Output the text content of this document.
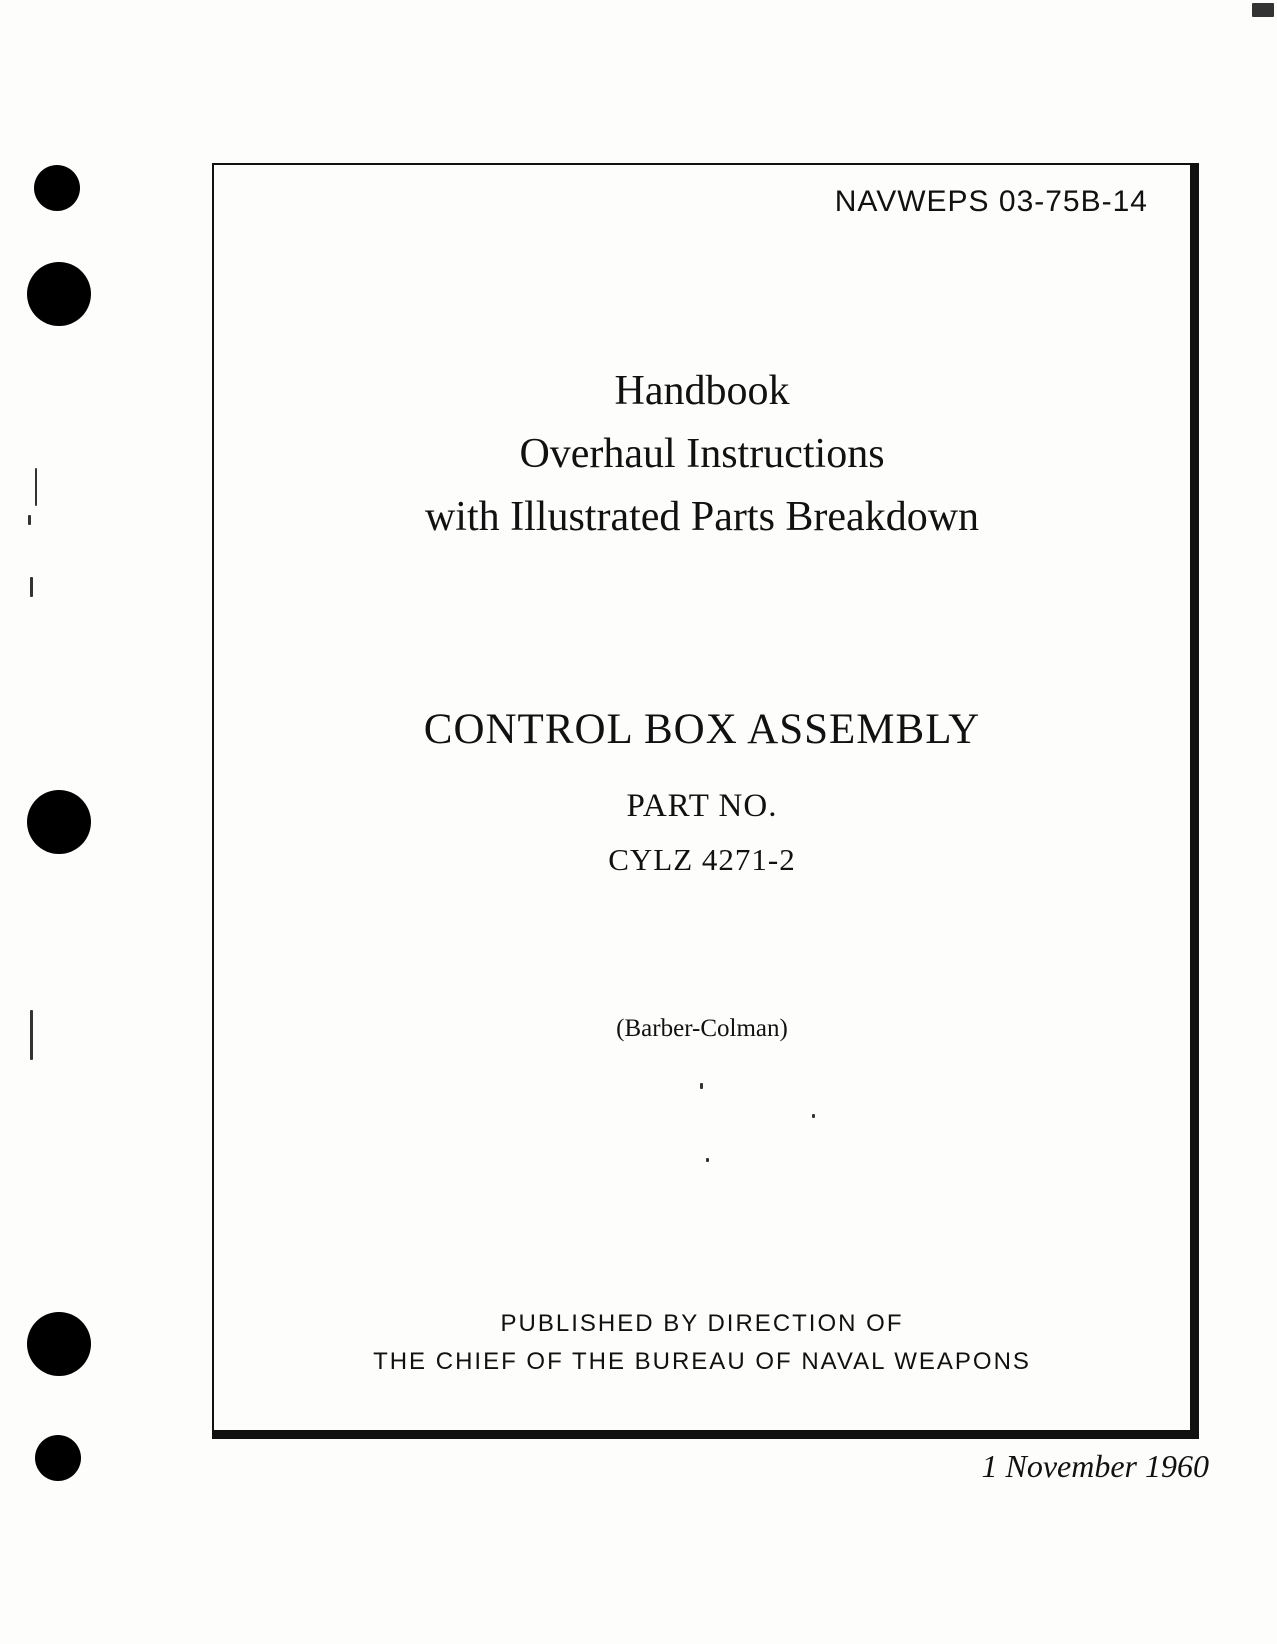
NAVWEPS 03-75B-14
Handbook
Overhaul Instructions
with Illustrated Parts Breakdown
CONTROL BOX ASSEMBLY
PART NO.
CYLZ 4271-2
(Barber-Colman)
PUBLISHED BY DIRECTION OF
THE CHIEF OF THE BUREAU OF NAVAL WEAPONS
1 November 1960
